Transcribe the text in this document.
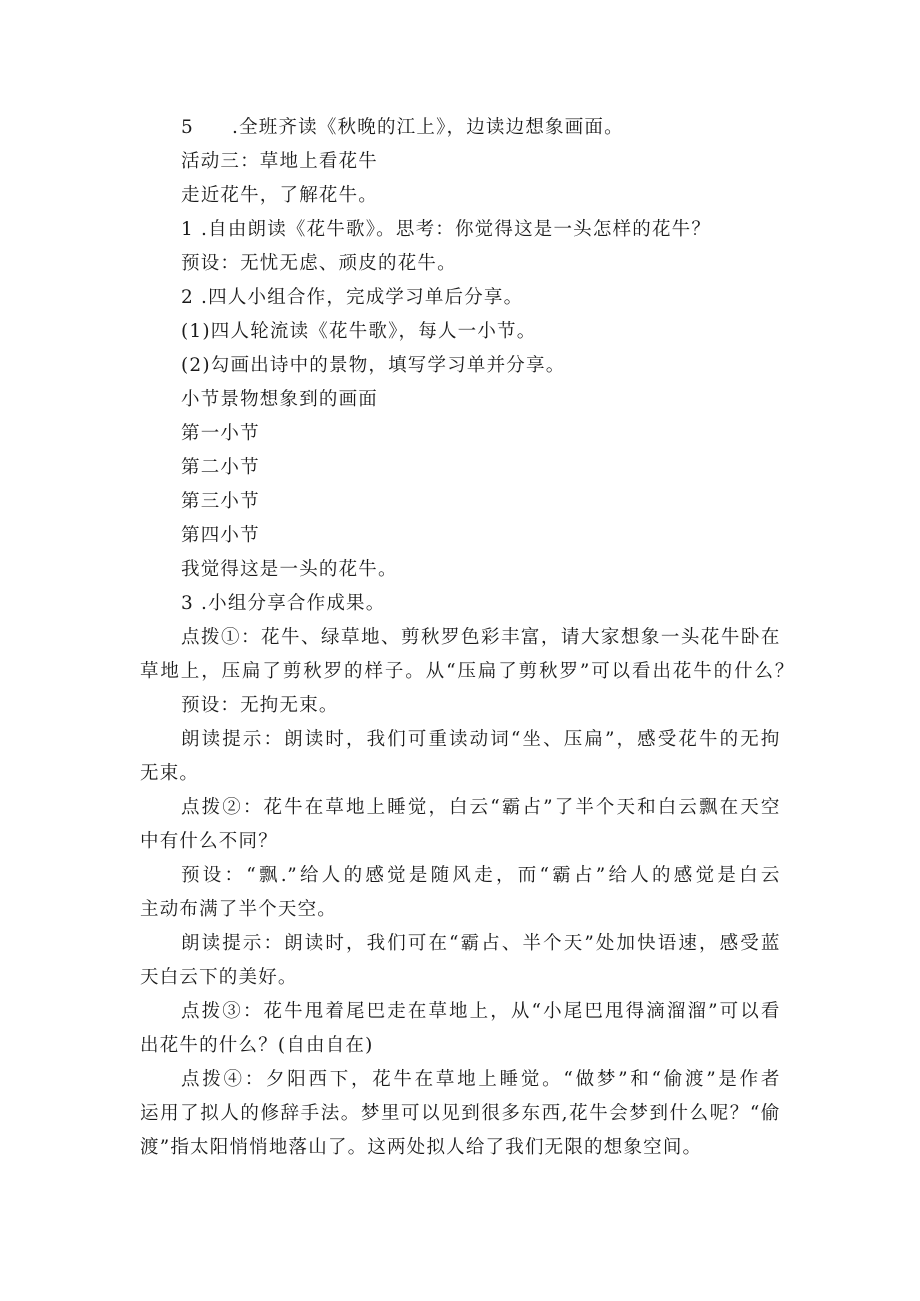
5 .全班齐读《秋晚的江上》，边读边想象画面。
活动三：草地上看花牛
走近花牛，了解花牛。
1 .自由朗读《花牛歌》。思考：你觉得这是一头怎样的花牛？
预设：无忧无虑、顽皮的花牛。
2 .四人小组合作，完成学习单后分享。
(1)四人轮流读《花牛歌》，每人一小节。
(2)勾画出诗中的景物，填写学习单并分享。
小节景物想象到的画面
第一小节
第二小节
第三小节
第四小节
我觉得这是一头的花牛。
3 .小组分享合作成果。
点拨①：花牛、绿草地、剪秋罗色彩丰富，请大家想象一头花牛卧在
草地上，压扁了剪秋罗的样子。从“压扁了剪秋罗”可以看出花牛的什么？
预设：无拘无束。
朗读提示：朗读时，我们可重读动词“坐、压扁”，感受花牛的无拘
无束。
点拨②：花牛在草地上睡觉，白云“霸占”了半个天和白云飘在天空
中有什么不同？
预设：“飘.”给人的感觉是随风走，而“霸占”给人的感觉是白云
主动布满了半个天空。
朗读提示：朗读时，我们可在“霸占、半个天”处加快语速，感受蓝
天白云下的美好。
点拨③：花牛甩着尾巴走在草地上，从“小尾巴甩得滴溜溜”可以看
出花牛的什么？(自由自在)
点拨④：夕阳西下，花牛在草地上睡觉。“做梦”和“偷渡”是作者
运用了拟人的修辞手法。梦里可以见到很多东西,花牛会梦到什么呢？“偷
渡”指太阳悄悄地落山了。这两处拟人给了我们无限的想象空间。
